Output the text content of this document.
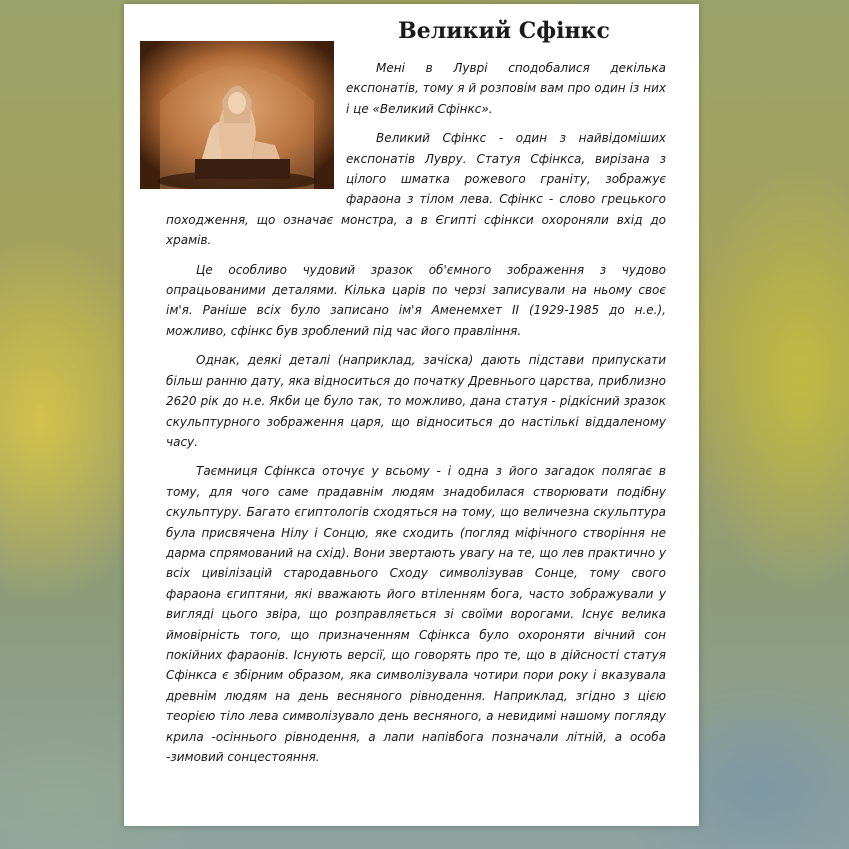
Великий Сфінкс

Мені в Луврі сподобалися декілька експонатів, тому я й розповім вам про один із них і це «Великий Сфінкс».

Великий Сфінкс - один з найвідоміших експонатів Лувру. Статуя Сфінкса, вирізана з цілого шматка рожевого граніту, зображує фараона з тілом лева. Сфінкс - слово грецького походження, що означає монстра, а в Єгипті сфінкси охороняли вхід до храмів.

Це особливо чудовий зразок об'ємного зображення з чудово опрацьованими деталями. Кілька царів по черзі записували на ньому своє ім'я. Раніше всіх було записано ім'я Аменемхет II (1929-1985 до н.е.), можливо, сфінкс був зроблений під час його правління.

Однак, деякі деталі (наприклад, зачіска) дають підстави припускати більш ранню дату, яка відноситься до початку Древнього царства, приблизно 2620 рік до н.е. Якби це було так, то можливо, дана статуя - рідкісний зразок скульптурного зображення царя, що відноситься до настількі віддаленому часу.

Таємниця Сфінкса оточує у всьому - і одна з його загадок полягає в тому, для чого саме прадавнім людям знадобилася створювати подібну скульптуру. Багато єгиптологів сходяться на тому, що величезна скульптура була присвячена Нілу і Сонцю, яке сходить (погляд міфічного створіння не дарма спрямований на схід). Вони звертають увагу на те, що лев практично у всіх цивілізацій стародавнього Сходу символізував Сонце, тому свого фараона єгиптяни, які вважають його втіленням бога, часто зображували у вигляді цього звіра, що розправляється зі своїми ворогами. Існує велика ймовірність того, що призначенням Сфінкса було охороняти вічний сон покійних фараонів. Існують версії, що говорять про те, що в дійсності статуя Сфінкса є збірним образом, яка символізувала чотири пори року і вказувала древнім людям на день весняного рівнодення. Наприклад, згідно з цією теорією тіло лева символізувало день весняного, а невидимі нашому погляду крила -осіннього рівнодення, а лапи напівбога позначали літній, а особа -зимовий сонцестояння.
